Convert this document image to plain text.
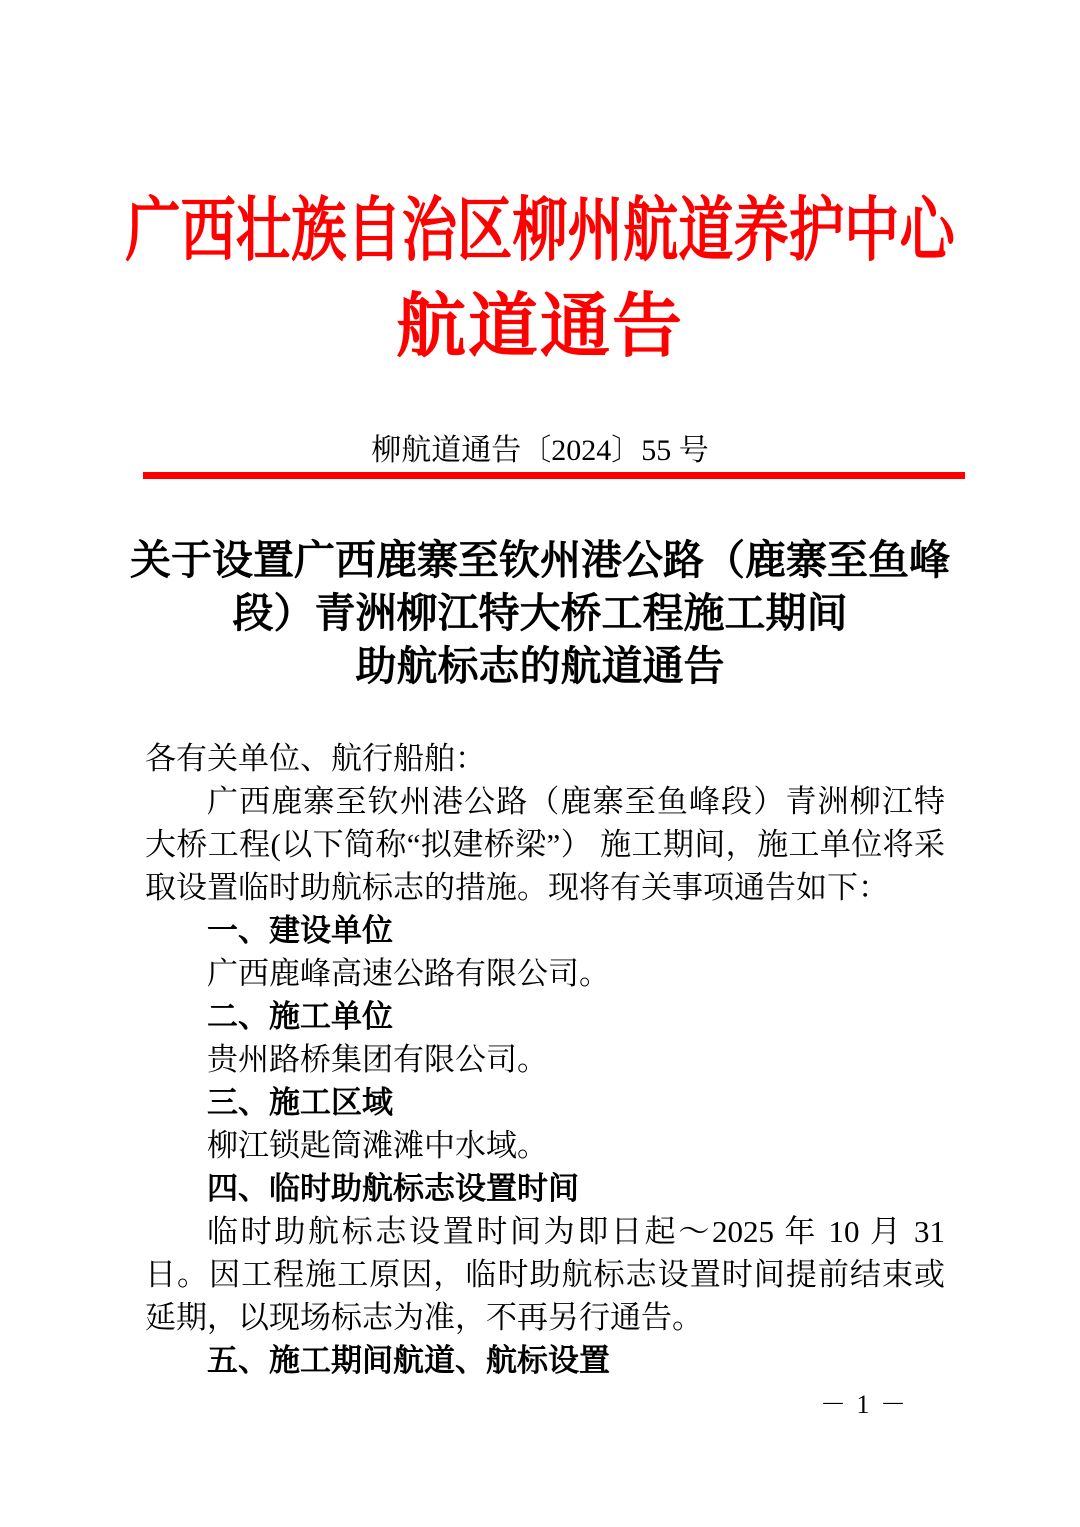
广西壮族自治区柳州航道养护中心
航道通告
柳航道通告〔2024〕55 号
关于设置广西鹿寨至钦州港公路（鹿寨至鱼峰
段）青洲柳江特大桥工程施工期间
助航标志的航道通告

各有关单位、航行船舶：

广西鹿寨至钦州港公路（鹿寨至鱼峰段）青洲柳江特大桥工程(以下简称“拟建桥梁”） 施工期间，施工单位将采取设置临时助航标志的措施。现将有关事项通告如下：

一、建设单位

广西鹿峰高速公路有限公司。

二、施工单位

贵州路桥集团有限公司。

三、施工区域

柳江锁匙筒滩滩中水域。

四、临时助航标志设置时间

临时助航标志设置时间为即日起～2025 年 10 月 31 日。因工程施工原因，临时助航标志设置时间提前结束或延期，以现场标志为准，不再另行通告。

五、施工期间航道、航标设置
－ 1 －
